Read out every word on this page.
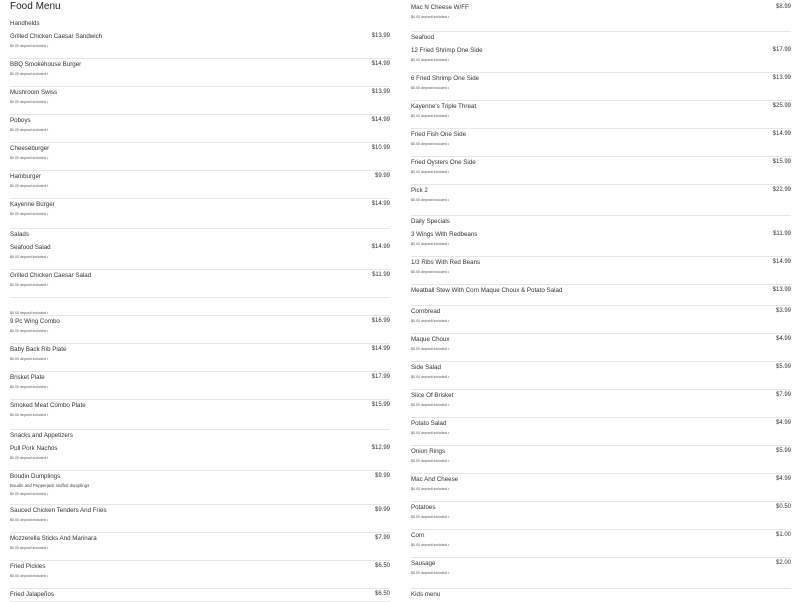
Food Menu
Handhelds
Grilled Chicken Caesar Sandwich	$13.99
$0.00 deposit included •
BBQ Smokehouse Burger	$14.99
$0.00 deposit included •
Mushroom Swiss	$13.99
$0.00 deposit included •
Poboys	$14.99
$0.00 deposit included •
Cheeseburger	$10.99
$0.00 deposit included •
Hamburger	$9.99
$0.00 deposit included •
Kayenne Burger	$14.99
$0.00 deposit included •
Salads
Seafood Salad	$14.99
$0.00 deposit included •
Grilled Chicken Caesar Salad	$11.99
$0.00 deposit included •
$0.00 deposit included •
9 Pc Wing Combo	$16.99
$0.00 deposit included •
Baby Back Rib Plate	$14.99
$0.00 deposit included •
Brisket Plate	$17.99
$0.00 deposit included •
Smoked Meat Combo Plate	$15.99
$0.00 deposit included •
Snacks and Appetizers
Pull Pork Nachos	$12.99
$0.00 deposit included •
Boudin Dumplings	$9.99
Boudin and Pepperjack stuffed dumplings
$0.00 deposit included •
Sauced Chicken Tenders And Fries	$9.99
$0.00 deposit included •
Mozzerella Sticks And Marinara	$7.99
$0.00 deposit included •
Fried Pickles	$6.50
$0.00 deposit included •
Fried Jalapeños	$6.50
Mac N Cheese W/FF	$8.99
$0.00 deposit included •
Seafood
12 Fried Shrimp One Side	$17.99
$0.00 deposit included •
6 Fried Shrimp One Side	$13.99
$0.00 deposit included •
Kayenne's Triple Threat	$25.99
$0.00 deposit included •
Fried Fish One Side	$14.99
$0.00 deposit included •
Fried Oysters One Side	$15.99
$0.00 deposit included •
Pick 2	$22.99
$0.00 deposit included •
Daily Specials
3 Wings With Redbeans	$11.99
$0.00 deposit included •
1/3 Ribs With Red Beans	$14.99
$0.00 deposit included •
Meatball Stew With Corn Maque Choux & Potato Salad	$13.99
Cornbread	$3.99
$0.00 deposit included •
Maque Choux	$4.99
$0.00 deposit included •
Side Salad	$5.99
$0.00 deposit included •
Slice Of Brisket	$7.99
$0.00 deposit included •
Potato Salad	$4.99
$0.00 deposit included •
Onion Rings	$5.99
$0.00 deposit included •
Mac And Cheese	$4.99
$0.00 deposit included •
Potatoes	$0.50
$0.00 deposit included •
Corn	$1.00
$0.00 deposit included •
Sausage	$2.00
$0.00 deposit included •
Kids menu
